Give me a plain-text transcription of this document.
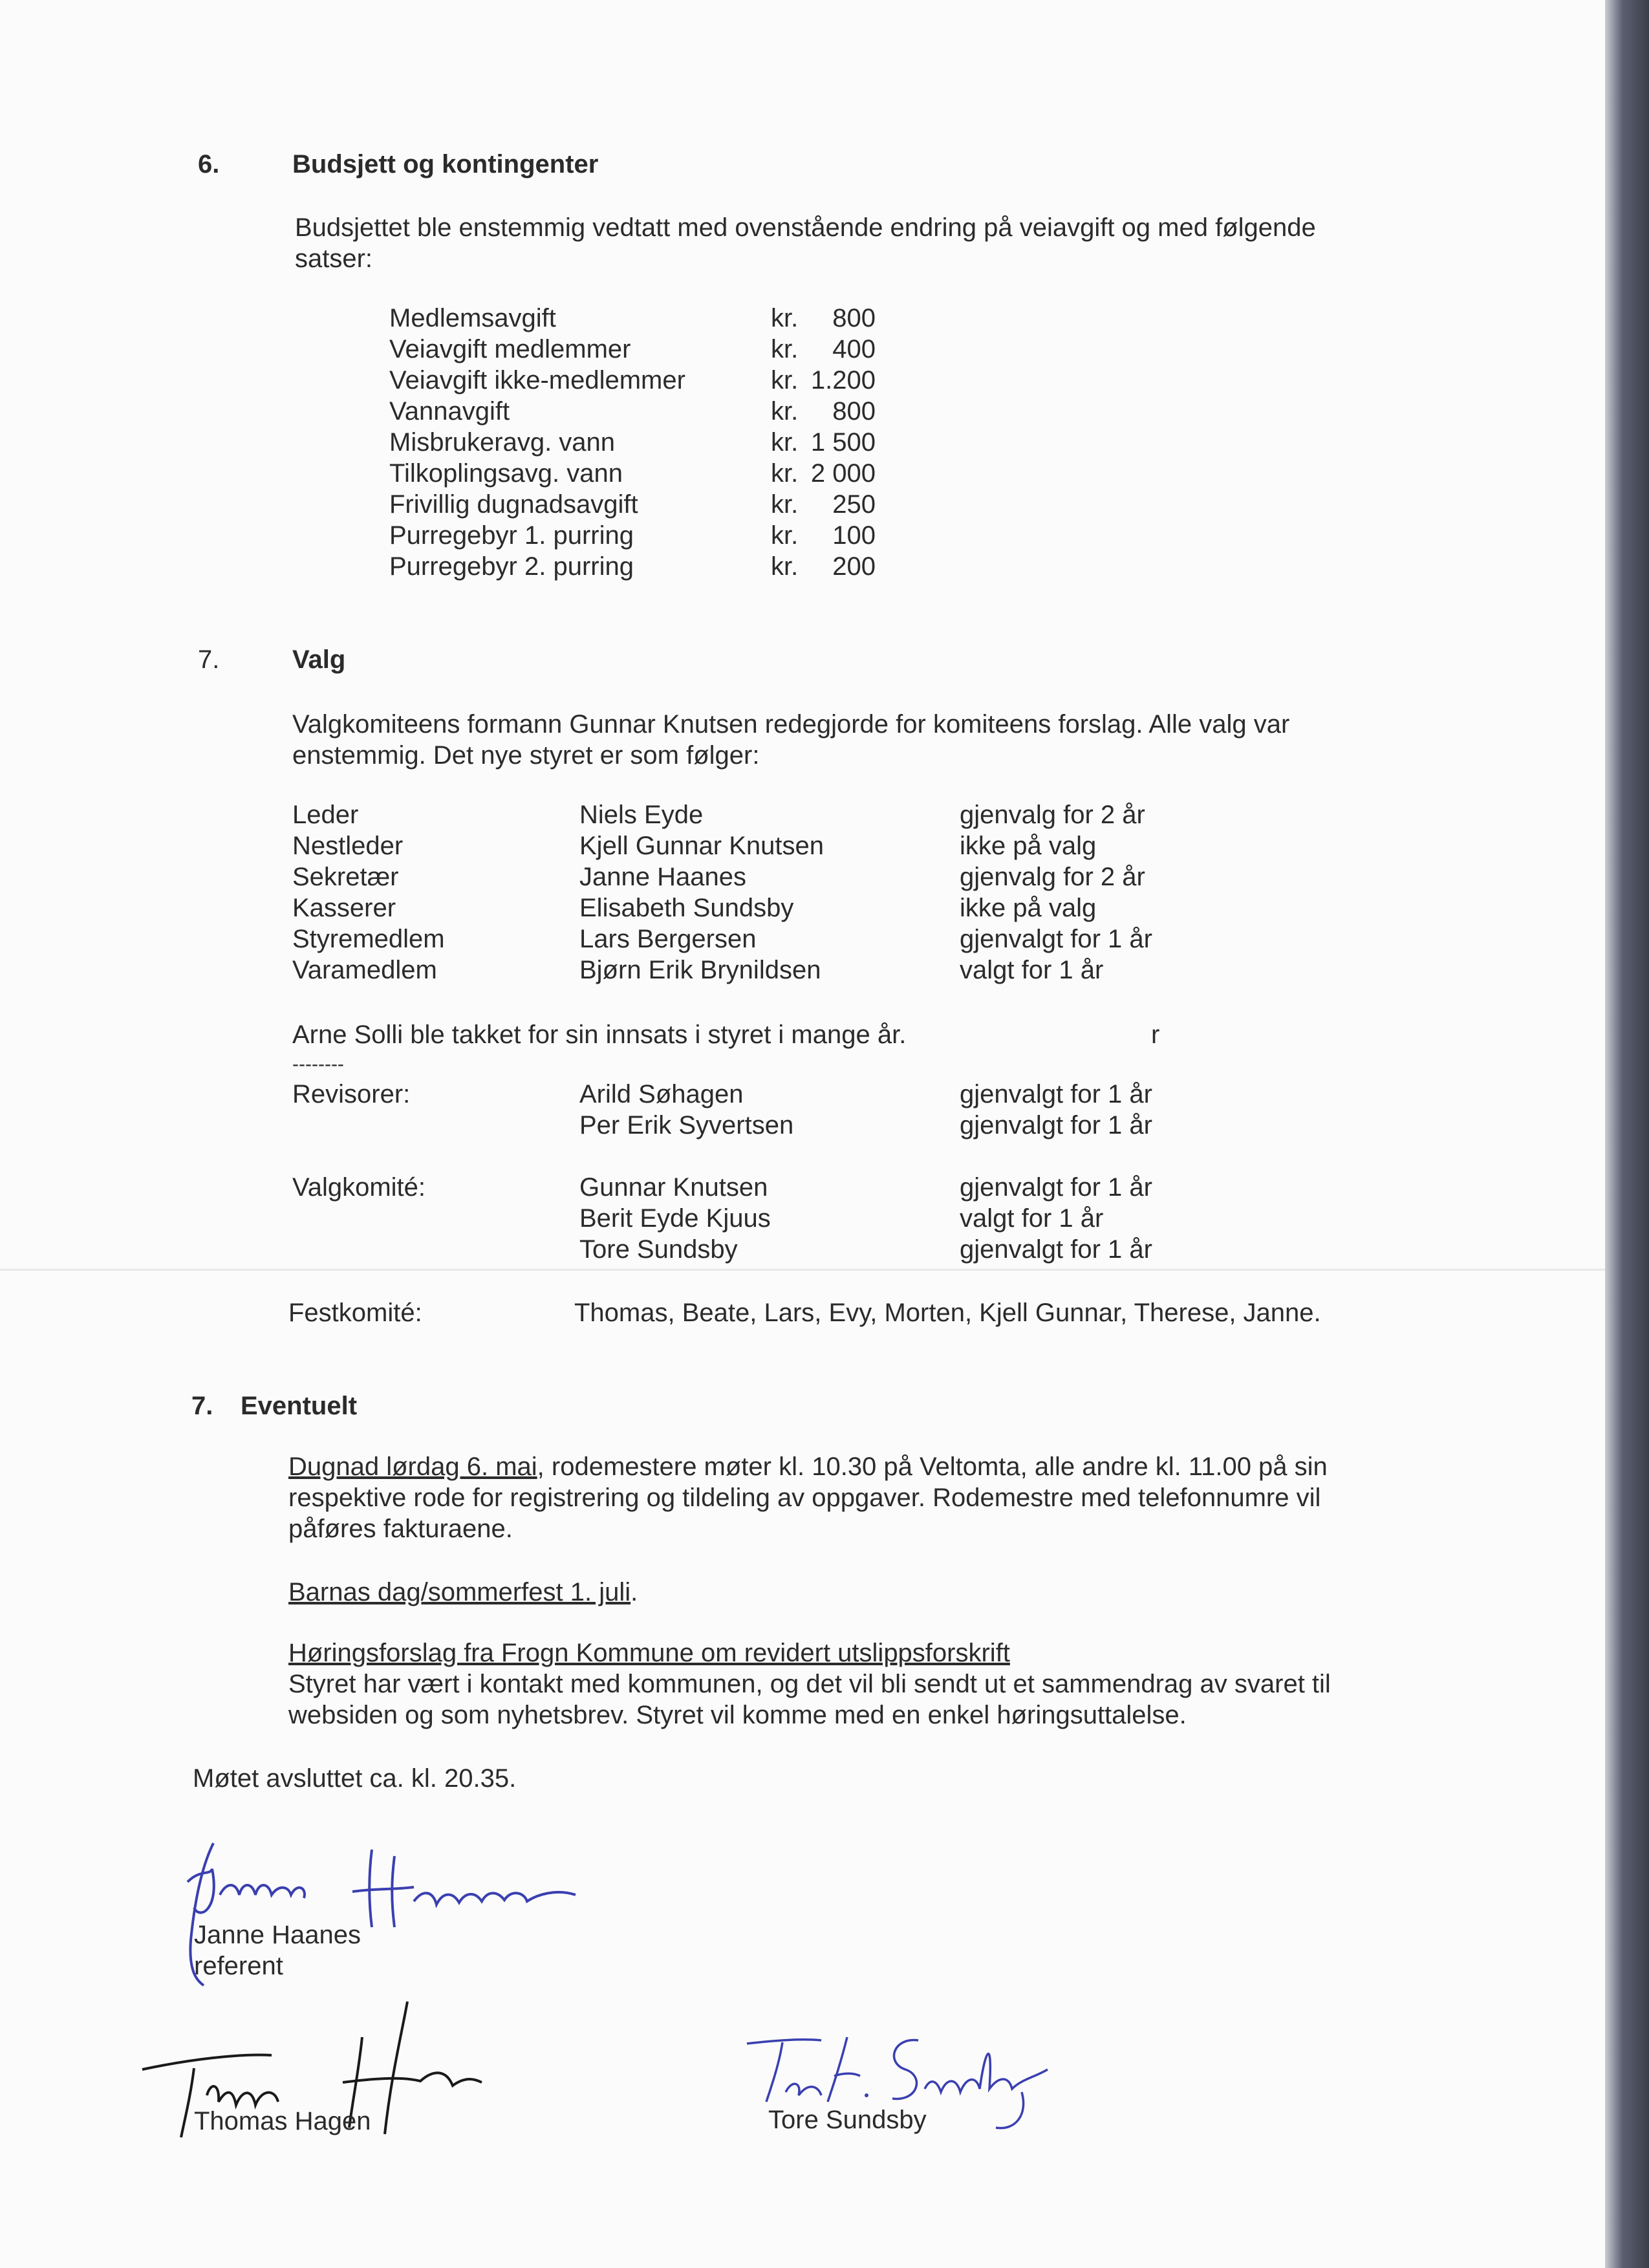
6.	Budsjett og kontingenter
Budsjettet ble enstemmig vedtatt med ovenstående endring på veiavgift og med følgende satser:
Medlemsavgift	kr.	800
Veiavgift medlemmer	kr.	400
Veiavgift ikke-medlemmer	kr. 1.200
Vannavgift	kr.	800
Misbrukeravg. vann	kr. 1 500
Tilkoplingsavg. vann	kr. 2 000
Frivillig dugnadsavgift	kr.	250
Purregebyr 1. purring	kr.	100
Purregebyr 2. purring	kr.	200
7.	Valg
Valgkomiteens formann Gunnar Knutsen redegjorde for komiteens forslag. Alle valg var enstemmig. Det nye styret er som følger:
Leder	Niels Eyde	gjenvalg for 2 år
Nestleder	Kjell Gunnar Knutsen	ikke på valg
Sekretær	Janne Haanes	gjenvalg for 2 år
Kasserer	Elisabeth Sundsby	ikke på valg
Styremedlem	Lars Bergersen	gjenvalgt for 1 år
Varamedlem	Bjørn Erik Brynildsen	valgt for 1 år
Arne Solli ble takket for sin innsats i styret i mange år.	r
--------
Revisorer:	Arild Søhagen	gjenvalgt for 1 år
Per Erik Syvertsen	gjenvalgt for 1 år
Valgkomité:	Gunnar Knutsen	gjenvalgt for 1 år
Berit Eyde Kjuus	valgt for 1 år
Tore Sundsby	gjenvalgt for 1 år
Festkomité:	Thomas, Beate, Lars, Evy, Morten, Kjell Gunnar, Therese, Janne.
7. Eventuelt
Dugnad lørdag 6. mai, rodemestere møter kl. 10.30 på Veltomta, alle andre kl. 11.00 på sin
respektive rode for registrering og tildeling av oppgaver. Rodemestre med telefonnumre vil påføres fakturaene.
Barnas dag/sommerfest 1. juli.
Høringsforslag fra Frogn Kommune om revidert utslippsforskrift
Styret har vært i kontakt med kommunen, og det vil bli sendt ut et sammendrag av svaret til websiden og som nyhetsbrev. Styret vil komme med en enkel høringsuttalelse.
Møtet avsluttet ca. kl. 20.35.
Janne Haanes
referent
Thomas Hagen	Tore Sundsby
